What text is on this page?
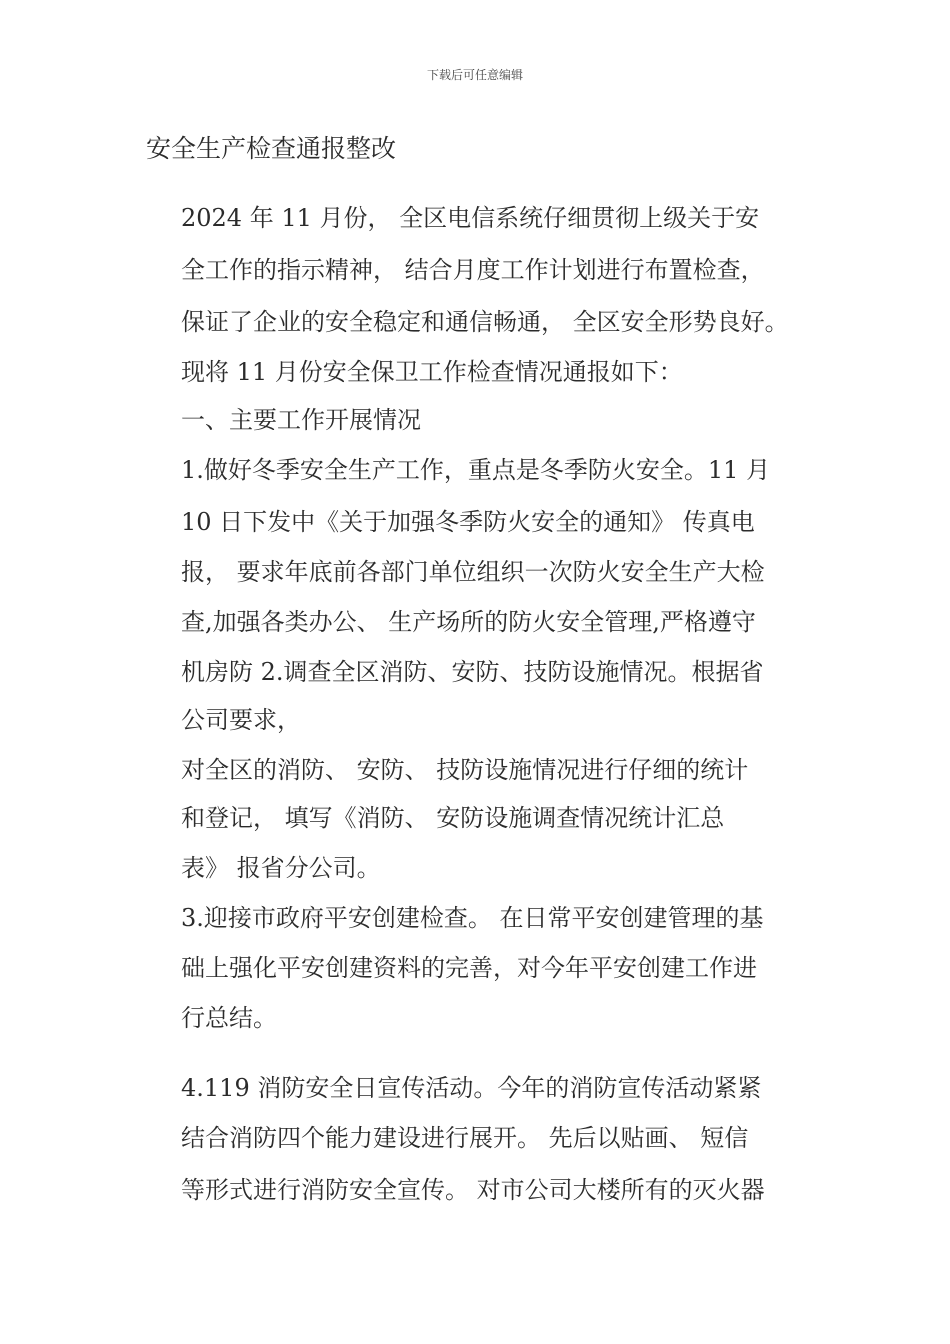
下载后可任意编辑
安全生产检查通报整改
2024 年 11 月份， 全区电信系统仔细贯彻上级关于安
全工作的指示精神， 结合月度工作计划进行布置检查，
保证了企业的安全稳定和通信畅通， 全区安全形势良好。
现将 11 月份安全保卫工作检查情况通报如下：
一、主要工作开展情况
1.做好冬季安全生产工作，重点是冬季防火安全。11 月
10 日下发中《关于加强冬季防火安全的通知》 传真电
报， 要求年底前各部门单位组织一次防火安全生产大检
查,加强各类办公、 生产场所的防火安全管理,严格遵守
机房防 2.调查全区消防、安防、技防设施情况。根据省
公司要求，
对全区的消防、 安防、 技防设施情况进行仔细的统计
和登记， 填写《消防、 安防设施调查情况统计汇总
表》 报省分公司。
3.迎接市政府平安创建检查。 在日常平安创建管理的基
础上强化平安创建资料的完善，对今年平安创建工作进
行总结。
4.119 消防安全日宣传活动。今年的消防宣传活动紧紧
结合消防四个能力建设进行展开。 先后以贴画、 短信
等形式进行消防安全宣传。 对市公司大楼所有的灭火器
